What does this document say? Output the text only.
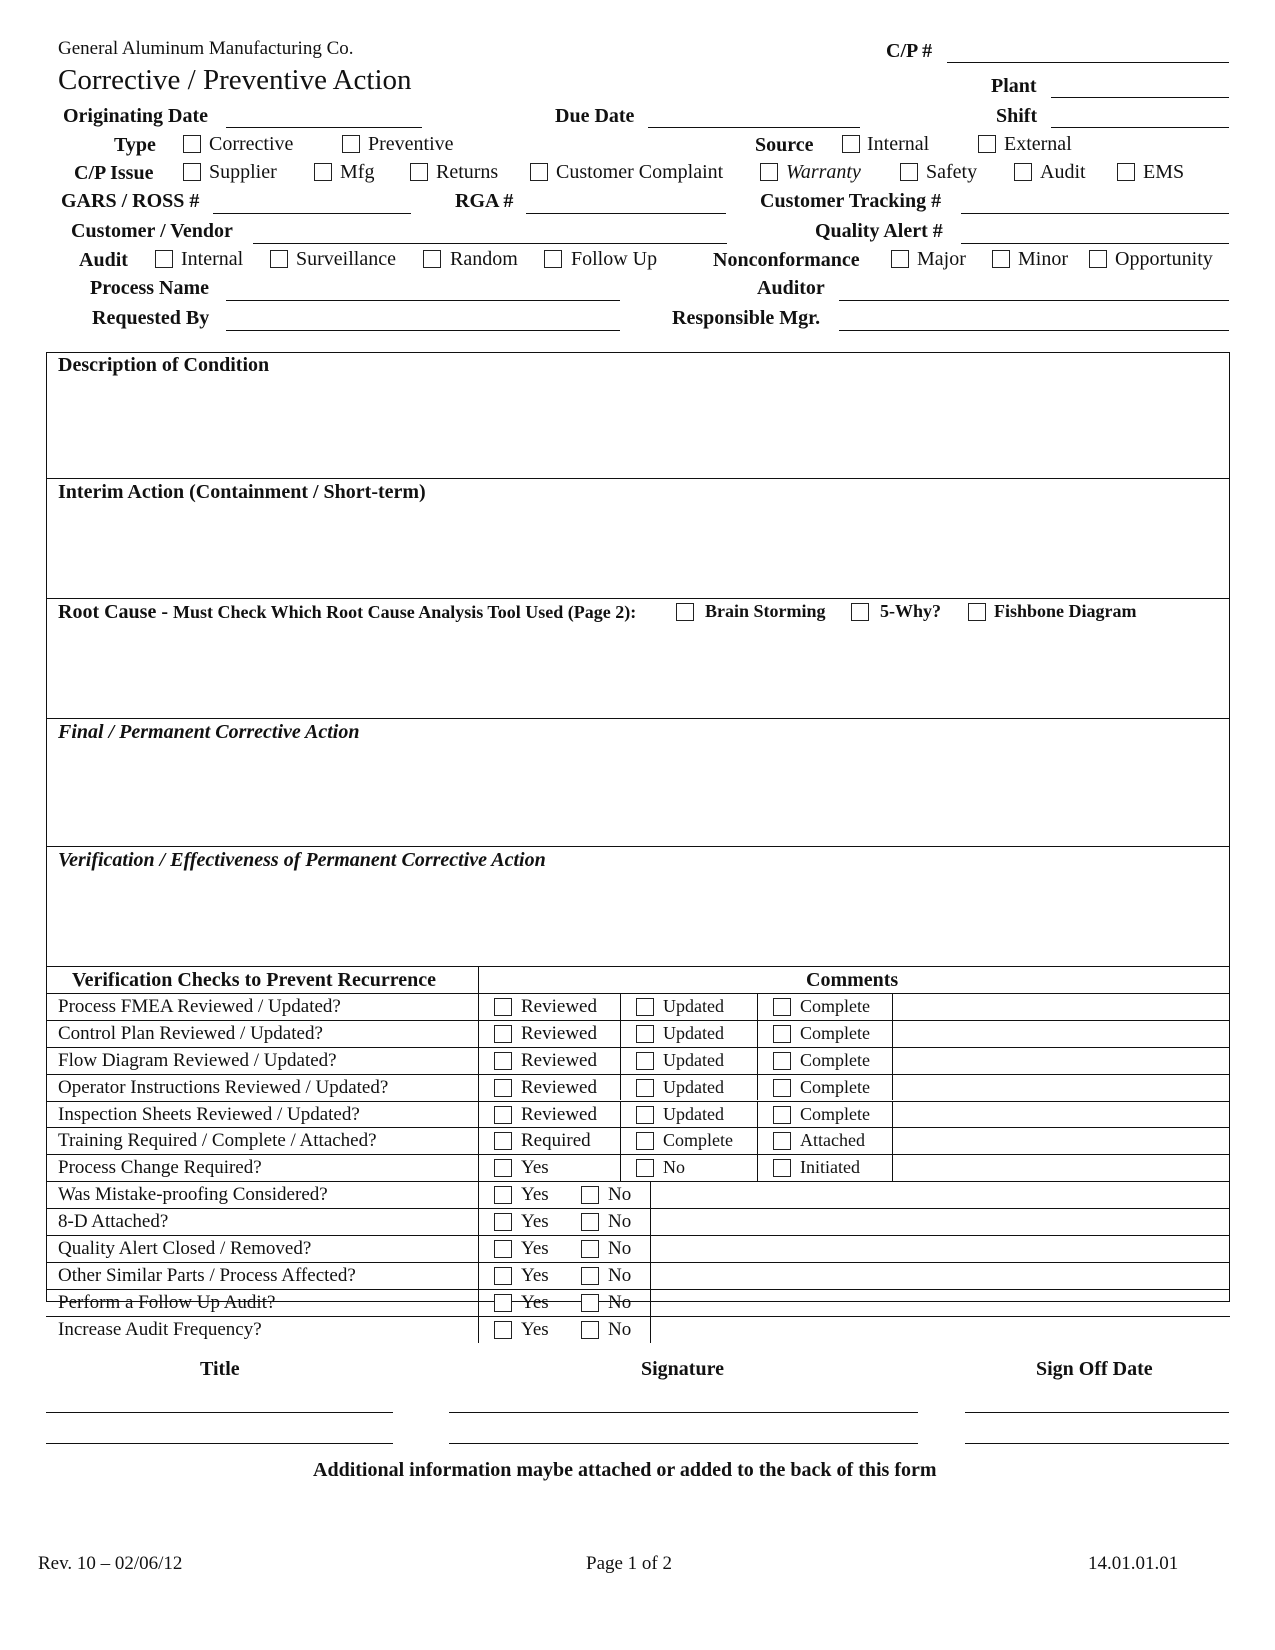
General Aluminum Manufacturing Co.
Corrective / Preventive Action
C/P #
Plant
Originating Date	Due Date	Shift
Type	Corrective	Preventive	Source	Internal	External
C/P Issue	Supplier	Mfg	Returns	Customer Complaint	Warranty	Safety	Audit	EMS
GARS / ROSS #	RGA #	Customer Tracking #
Customer / Vendor	Quality Alert #
Audit	Internal	Surveillance	Random	Follow Up	Nonconformance	Major	Minor Opportunity
Process Name	Auditor
Requested By	Responsible Mgr.
Description of Condition
Interim Action (Containment / Short-term)
Root Cause - Must Check Which Root Cause Analysis Tool Used (Page 2):	Brain Storming	5-Why?	Fishbone Diagram
Final / Permanent Corrective Action
Verification / Effectiveness of Permanent Corrective Action
Verification Checks to Prevent Recurrence	Comments
Process FMEA Reviewed / Updated?	Reviewed	Updated	Complete
Control Plan Reviewed / Updated?	Reviewed	Updated	Complete
Flow Diagram Reviewed / Updated?	Reviewed	Updated	Complete
Operator Instructions Reviewed / Updated?	Reviewed	Updated	Complete
Inspection Sheets Reviewed / Updated?	Reviewed	Updated	Complete
Training Required / Complete / Attached?	Required	Complete	Attached
Process Change Required?	Yes	No	Initiated
Was Mistake-proofing Considered?	Yes	No
8-D Attached?	Yes	No
Quality Alert Closed / Removed?	Yes	No
Other Similar Parts / Process Affected?	Yes	No
Perform a Follow Up Audit?	Yes	No
Increase Audit Frequency?	Yes	No
Title	Signature	Sign Off Date
Additional information maybe attached or added to the back of this form
Rev. 10 – 02/06/12	Page 1 of 2	14.01.01.01
